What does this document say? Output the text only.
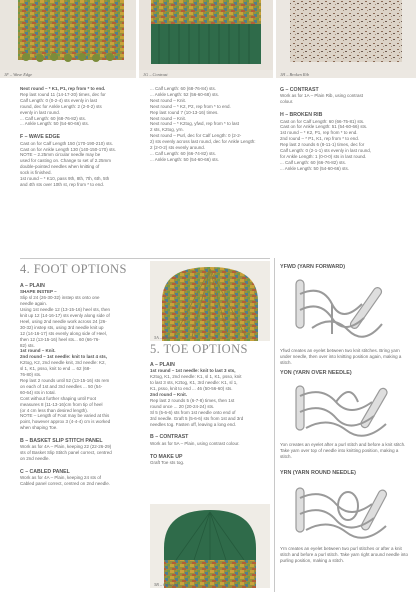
1F – Wave Edge	1G – Contrast	1H – Broken Rib

Next round – * K1, P1, rep from * to end.

Rep last round 11 (14-17-20) times, dec for

Calf Length: 0 (0-2-4) sts evenly in last

round, dec for Ankle Length: 2 (2-0-2) sts

evenly in last round.

... Calf Length: 60 (68-76-82) sts.

... Ankle Length: 50 (54-60-66) sts.

F – WAVE EDGE

Cast on for Calf Length 150 (170-190-210) sts.

Cast on for Ankle Length 130 (140-150-170) sts.

NOTE – 2.25mm circular needle may be

used for casting on. Change to set of 2.25mm

double-pointed needles when knitting of

sock is finished.

1st round – * K10, pass 9th, 8th, 7th, 6th, 5th

and 4th sts over 10th st, rep from * to end.

... Calf Length: 60 (68-76-84) sts.

... Ankle Length: 52 (56-60-68) sts.

Next round – Knit.

Next round – * K2, P2, rep from * to end.

Rep last round 7 (10-13-16) times.

Next round – Knit.

Next round – * K2tog, yfwd, rep from * to last

2 sts, K2tog, yrn.

Next round – Purl, dec for Calf Length: 0 (2-2-

2) sts evenly across last round, dec for Ankle Length:

2 (2-0-2) sts evenly around.

... Calf Length: 60 (66-74-82) sts.

... Ankle Length: 50 (54-60-66) sts.

G – CONTRAST

Work as for 1A – Plain Rib, using contrast

colour.

H – BROKEN RIB

Cast on for Calf Length: 60 (66-75-81) sts.

Cast on for Ankle Length: 51 (54-60-66) sts.

1st round – * K2, P1, rep from * to end.

2nd round – * P1, K1, rep from * to end.

Rep last 2 rounds 6 (8-11-1) times, dec for

Calf Length: 0 (2-1-1) sts evenly in last round,

for Ankle Length: 1 (0-0-0) sts in last round.

... Calf Length: 60 (66-76-82) sts.

... Ankle Length: 50 (54-60-66) sts.

4. FOOT OPTIONS

A – PLAIN

SHAPE INSTEP –

Slip sl 24 (26-30-32) instep sts onto one

needle again.

Using 1st needle 12 (13-15-16) heel sts, then

knit up 12 (14-16-17) sts evenly along side of

Heel, using 2nd needle work across 24 (26-

30-32) instep sts, using 3rd needle knit up

12 (14-16-17) sts evenly along side of Heel,

then 12 (13-15-16) heel sts... 60 (66-76-

82) sts.

1st round – Knit.

2nd round – 1st needle: knit to last 4 sts,

K2tog, K2, 2nd needle knit, 3rd needle: K2,

sl 1, K1, psso, knit to end ... 62 (68-

76-80) sts.

Rep last 2 rounds until 52 (13-15-16) sts rem

on each of 1st and 3rd needles ... 50 (54-

60-64) sts in total.

Cont without further shaping until Foot

measures 8 (11-13-16)cm from tip of heel

(or 4 cm less than desired length).

NOTE – Length of Foot may be varied at this

point, however approx 3 (4-4-4) cm is worked

when shaping Toe.

B – BASKET SLIP STITCH PANEL

Work as for 4A – Plain, keeping 22 (22-26-29)

sts of Basket Slip Stitch panel correct, centred

on 2nd needle.

C – CABLED PANEL

Work as for 4A – Plain, keeping 24 sts of

Cabled panel correct, centred on 2nd needle.

5A – Plain
5. TOE OPTIONS

A – PLAIN

1st round – 1st needle: knit to last 3 sts,

K2tog, K1, 2nd needle: K1, sl 1, K1, psso, knit

to last 3 sts, K2tog, K1, 3rd needle: K1, sl 1,

K1, psso, knit to end ... 46 (50-56-60) sts.

2nd round – Knit.

Rep last 2 rounds 5 (6-7-8) times, then 1st

round once ... 20 (20-24-24) sts.

Sl 5 (5-6-6) sts from 1st needle onto end of

3rd needle. Graft 5 (5-6-6) sts from 1st and 3rd

needles tog. Fasten off, leaving a long end.

B – CONTRAST

Work as for 5A – Plain, using contrast colour.

TO MAKE UP

Graft Toe sts tog.

5B – Contrast
YFWD (YARN FORWARD)
Yfwd creates an eyelet between two knit stitches. Bring yarn under needle, then over into knitting position again, making a stitch.
YON (YARN OVER NEEDLE)
Yon creates an eyelet after a purl stitch and before a knit stitch. Take yarn over top of needle into knitting position, making a stitch.
YRN (YARN ROUND NEEDLE)
Yrn creates an eyelet between two purl stitches or after a knit stitch and before a purl stitch. Take yarn right around needle into purling position, making a stitch.
